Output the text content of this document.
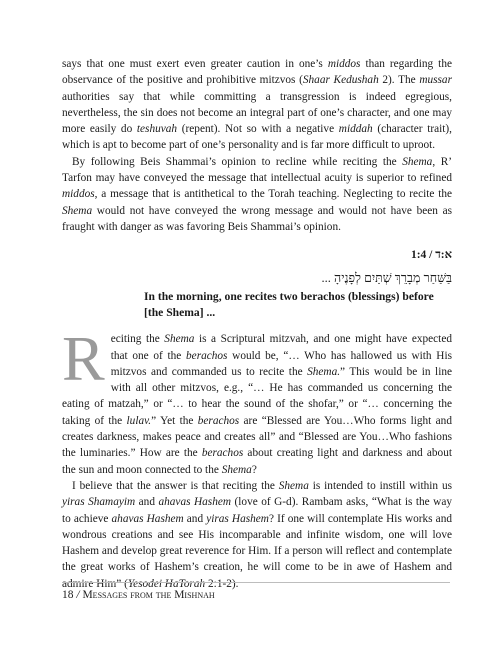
says that one must exert even greater caution in one’s middos than regarding the observance of the positive and prohibitive mitzvos (Shaar Kedushah 2). The mussar authorities say that while committing a transgression is indeed egregious, nevertheless, the sin does not become an integral part of one’s character, and one may more easily do teshuvah (repent). Not so with a negative middah (character trait), which is apt to become part of one’s personality and is far more difficult to uproot.

By following Beis Shammai’s opinion to recline while reciting the Shema, R’ Tarfon may have conveyed the message that intellectual acuity is superior to refined middos, a message that is antithetical to the Torah teaching. Neglecting to recite the Shema would not have conveyed the wrong message and would not have been as fraught with danger as was favoring Beis Shammai’s opinion.

1:4 / א:ד
בַּשַּׁחַר מְבָרֵךְ שְׁתַּיִם לְפָנֶיהָ ...
In the morning, one recites two berachos (blessings) before [the Shema] ...

Reciting the Shema is a Scriptural mitzvah, and one might have expected that one of the berachos would be, “… Who has hallowed us with His mitzvos and commanded us to recite the Shema.” This would be in line with all other mitzvos, e.g., “… He has commanded us concerning the eating of matzah,” or “… to hear the sound of the shofar,” or “… concerning the taking of the lulav.” Yet the berachos are “Blessed are You…Who forms light and creates darkness, makes peace and creates all” and “Blessed are You…Who fashions the luminaries.” How are the berachos about creating light and darkness and about the sun and moon connected to the Shema?

I believe that the answer is that reciting the Shema is intended to instill within us yiras Shamayim and ahavas Hashem (love of G-d). Rambam asks, “What is the way to achieve ahavas Hashem and yiras Hashem? If one will contemplate His works and wondrous creations and see His incomparable and infinite wisdom, one will love Hashem and develop great reverence for Him. If a person will reflect and contemplate the great works of Hashem’s creation, he will come to be in awe of Hashem and admire Him” (Yesodei HaTorah 2:1-2).

18 / Messages from the Mishnah
